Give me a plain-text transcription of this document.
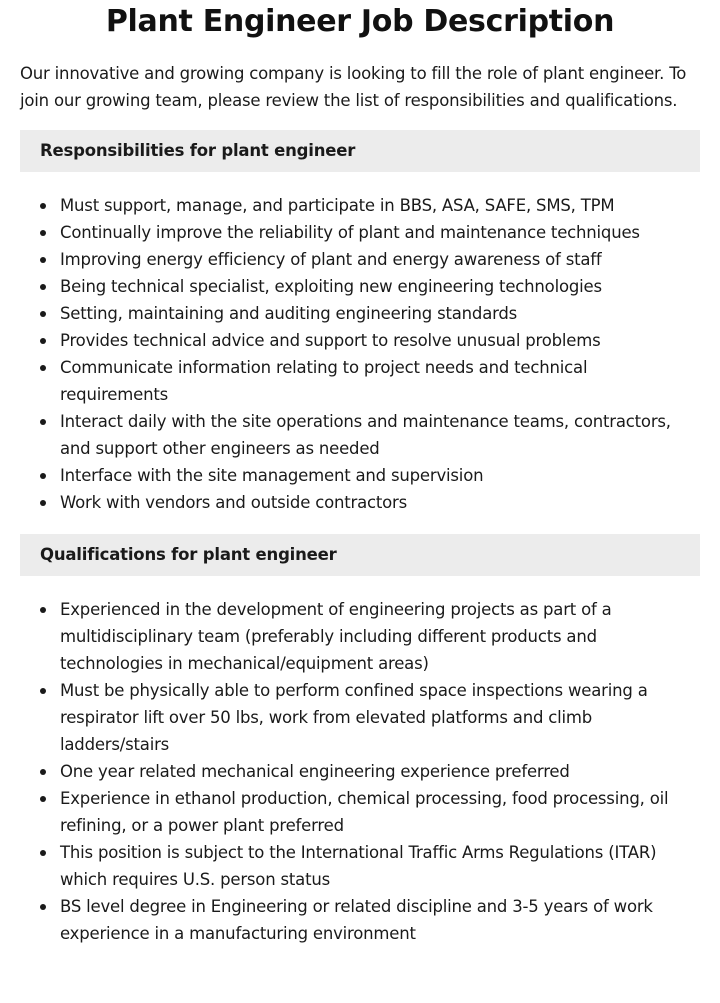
Plant Engineer Job Description

Our innovative and growing company is looking to fill the role of plant engineer. To join our growing team, please review the list of responsibilities and qualifications.

Responsibilities for plant engineer
Must support, manage, and participate in BBS, ASA, SAFE, SMS, TPM
Continually improve the reliability of plant and maintenance techniques
Improving energy efficiency of plant and energy awareness of staff
Being technical specialist, exploiting new engineering technologies
Setting, maintaining and auditing engineering standards
Provides technical advice and support to resolve unusual problems
Communicate information relating to project needs and technical requirements
Interact daily with the site operations and maintenance teams, contractors, and support other engineers as needed
Interface with the site management and supervision
Work with vendors and outside contractors
Qualifications for plant engineer
Experienced in the development of engineering projects as part of a multidisciplinary team (preferably including different products and technologies in mechanical/equipment areas)
Must be physically able to perform confined space inspections wearing a respirator lift over 50 lbs, work from elevated platforms and climb ladders/stairs
One year related mechanical engineering experience preferred
Experience in ethanol production, chemical processing, food processing, oil refining, or a power plant preferred
This position is subject to the International Traffic Arms Regulations (ITAR) which requires U.S. person status
BS level degree in Engineering or related discipline and 3-5 years of work experience in a manufacturing environment
